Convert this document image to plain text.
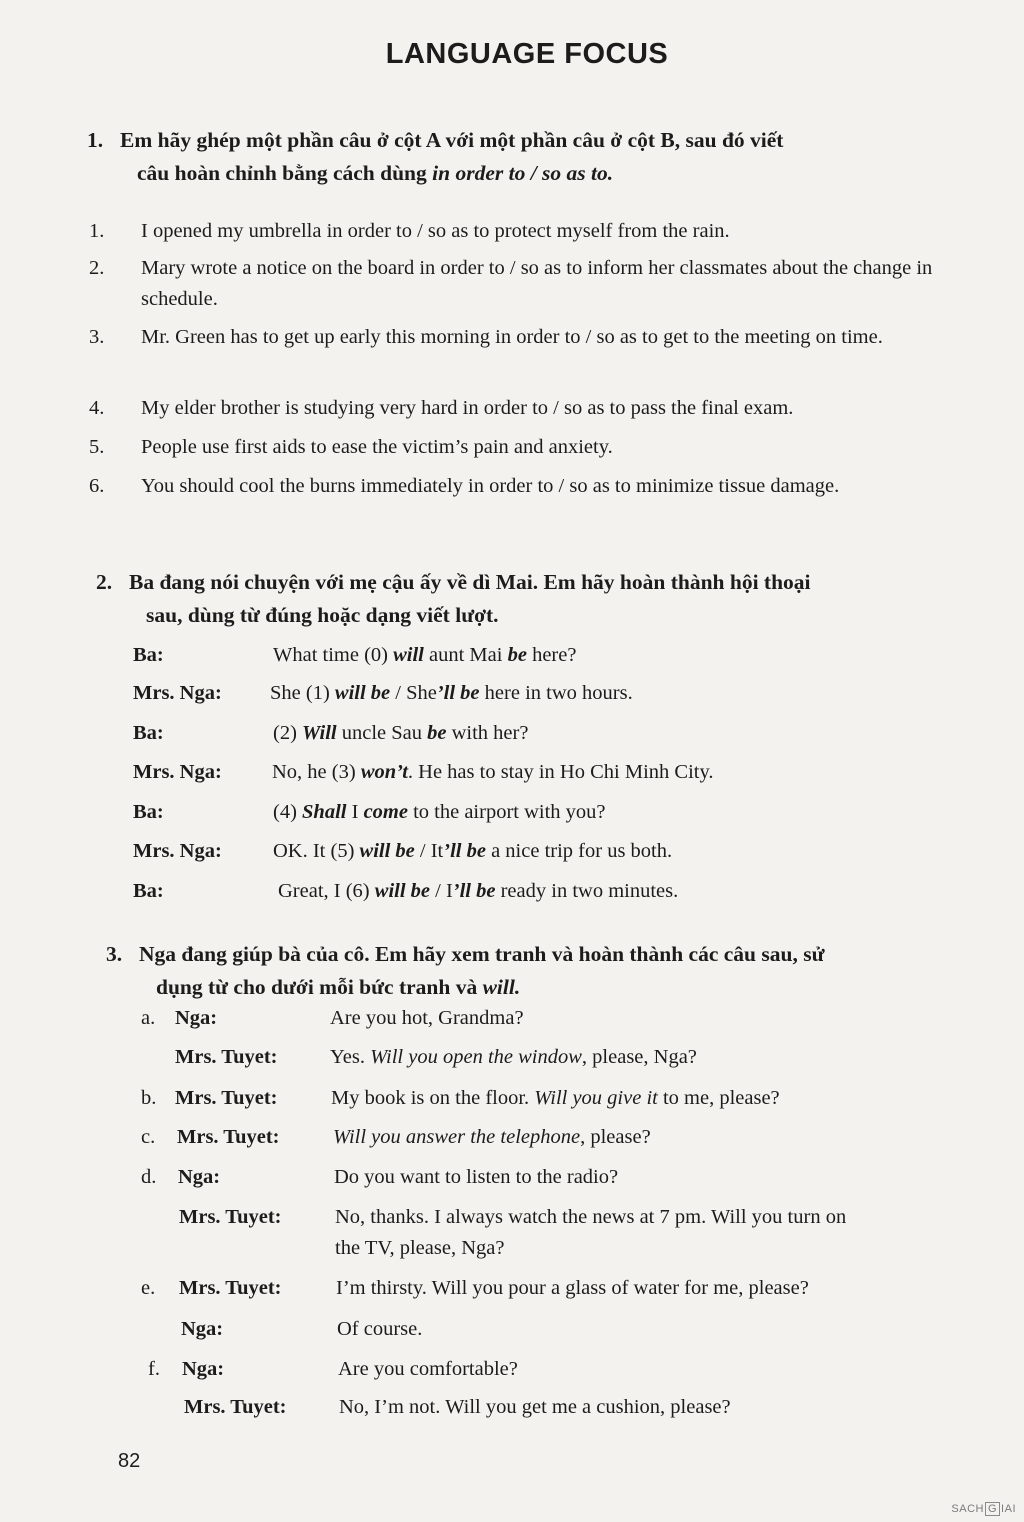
LANGUAGE FOCUS
1. Em hãy ghép một phần câu ở cột A với một phần câu ở cột B, sau đó viết
câu hoàn chỉnh bằng cách dùng in order to / so as to.
1. I opened my umbrella in order to / so as to protect myself from the rain.
2. Mary wrote a notice on the board in order to / so as to inform her classmates about the change in schedule.
3. Mr. Green has to get up early this morning in order to / so as to get to the meeting on time.
4. My elder brother is studying very hard in order to / so as to pass the final exam.
5. People use first aids to ease the victim’s pain and anxiety.
6. You should cool the burns immediately in order to / so as to minimize tissue damage.
2. Ba đang nói chuyện với mẹ cậu ấy về dì Mai. Em hãy hoàn thành hội thoại
sau, dùng từ đúng hoặc dạng viết lượt.
Ba:	What time (0) will aunt Mai be here?
Mrs. Nga: She (1) will be / She’ll be here in two hours.
Ba:	(2) Will uncle Sau be with her?
Mrs. Nga: No, he (3) won’t. He has to stay in Ho Chi Minh City.
Ba:	(4) Shall I come to the airport with you?
Mrs. Nga: OK. It (5) will be / It’ll be a nice trip for us both.
Ba:	Great, I (6) will be / I’ll be ready in two minutes.
3. Nga đang giúp bà của cô. Em hãy xem tranh và hoàn thành các câu sau, sử
dụng từ cho dưới mỗi bức tranh và will.
a. Nga:	Are you hot, Grandma?
Mrs. Tuyet:	Yes. Will you open the window, please, Nga?
b. Mrs. Tuyet:	My book is on the floor. Will you give it to me, please?
c. Mrs. Tuyet:	Will you answer the telephone, please?
d. Nga:	Do you want to listen to the radio?
Mrs. Tuyet:	No, thanks. I always watch the news at 7 pm. Will you turn on
the TV, please, Nga?
e. Mrs. Tuyet:	I’m thirsty. Will you pour a glass of water for me, please?
Nga:	Of course.
f. Nga:	Are you comfortable?
Mrs. Tuyet:	No, I’m not. Will you get me a cushion, please?
82
SACH G IAI
